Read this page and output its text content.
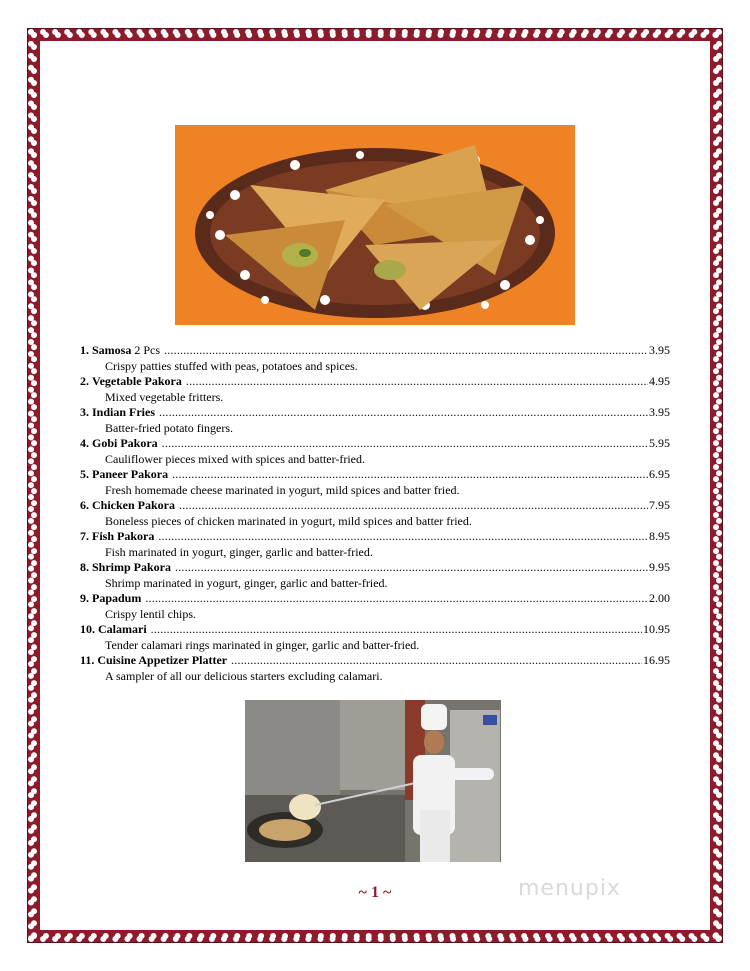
1.
Samosa 2 Pcs .....	3.95
Crispy patties stuffed with peas, potatoes and spices.
2.
Vegetable Pakora .....	4.95
Mixed vegetable fritters.
3.
Indian Fries .....	3.95
Batter-fried potato fingers.
4.
Gobi Pakora .....	5.95
Cauliflower pieces mixed with spices and batter-fried.
5.
Paneer Pakora .....	6.95
Fresh homemade cheese marinated in yogurt, mild spices and batter fried.
6.
Chicken Pakora .....	7.95
Boneless pieces of chicken marinated in yogurt, mild spices and batter fried.
7.
Fish Pakora .....	8.95
Fish marinated in yogurt, ginger, garlic and batter-fried.
8.
Shrimp Pakora .....	9.95
Shrimp marinated in yogurt, ginger, garlic and batter-fried.
9.
Papadum .....	2.00
Crispy lentil chips.
10.
Calamari .....	10.95
Tender calamari rings marinated in ginger, garlic and batter-fried.
11.
Cuisine Appetizer Platter .....	16.95
A sampler of all our delicious starters excluding calamari.
~ 1 ~	menupix
